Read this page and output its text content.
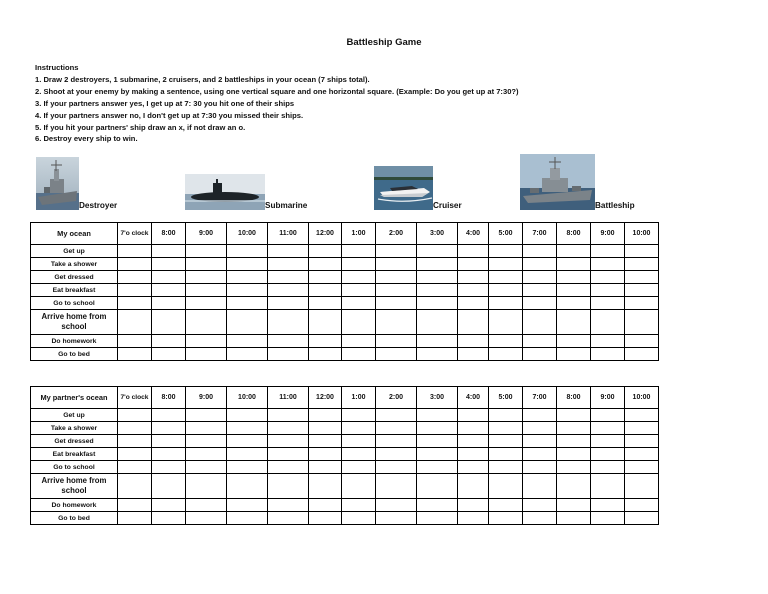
Battleship Game
Instructions
1. Draw 2 destroyers, 1 submarine, 2 cruisers, and 2 battleships in your ocean (7 ships total).
2. Shoot at your enemy by making a sentence, using one vertical square and one horizontal square. (Example: Do you get up at 7:30?)
3. If your partners answer yes, I get up at 7: 30 you hit one of their ships
4. If your partners answer no, I don't get up at 7:30 you missed their ships.
5. If you hit your partners' ship draw an x, if not draw an o.
6. Destroy every ship to win.
Destroyer	Submarine	Cruiser	Battleship
My ocean	7'o clock	8:00	9:00	10:00	11:00	12:00	1:00	2:00	3:00	4:00	5:00	7:00	8:00	9:00	10:00
Get up															
Take a shower															
Get dressed															
Eat breakfast															
Go to school															
Arrive home from school															
Do homework															
Go to bed															
My partner's ocean	7'o clock	8:00	9:00	10:00	11:00	12:00	1:00	2:00	3:00	4:00	5:00	7:00	8:00	9:00	10:00
Get up															
Take a shower															
Get dressed															
Eat breakfast															
Go to school															
Arrive home from school															
Do homework															
Go to bed															
